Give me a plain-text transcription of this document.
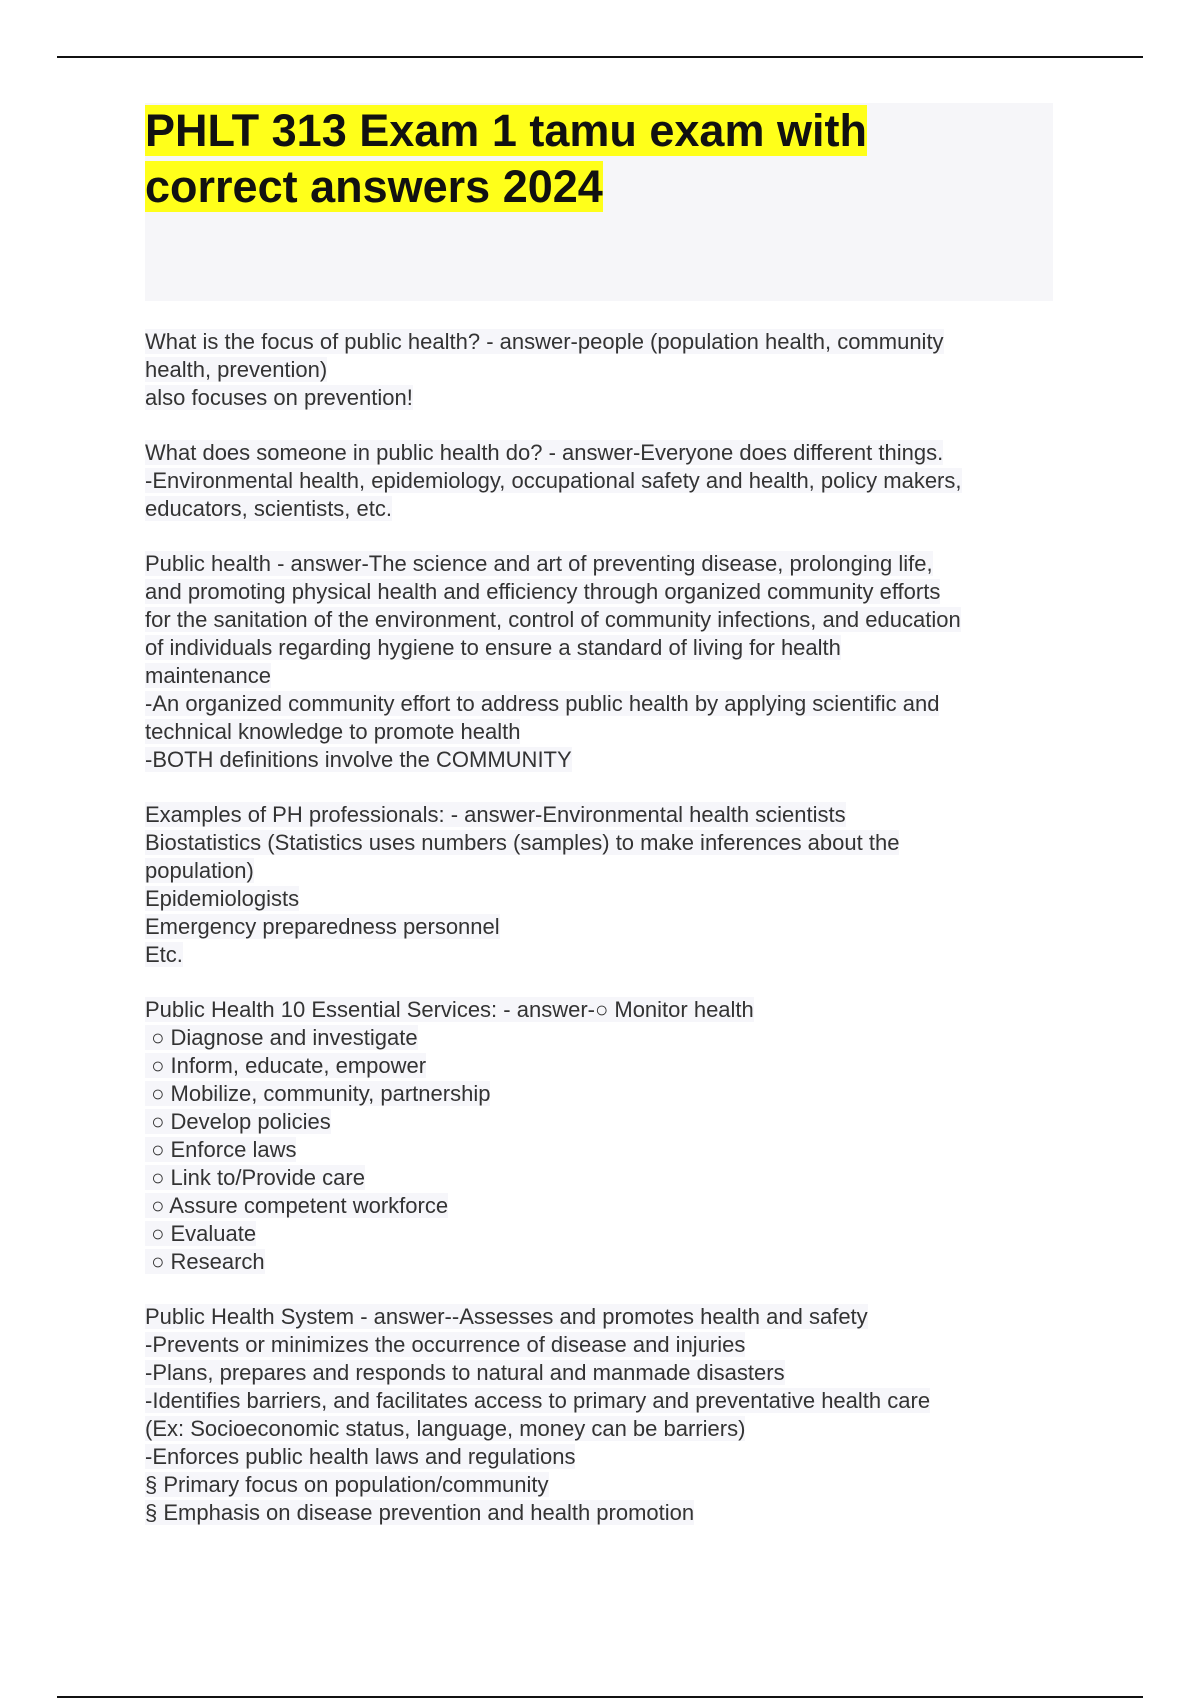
PHLT 313 Exam 1 tamu exam with
correct answers 2024
What is the focus of public health? - answer-people (population health, community
health, prevention)
also focuses on prevention!
What does someone in public health do? - answer-Everyone does different things.
-Environmental health, epidemiology, occupational safety and health, policy makers,
educators, scientists, etc.
Public health - answer-The science and art of preventing disease, prolonging life,
and promoting physical health and efficiency through organized community efforts
for the sanitation of the environment, control of community infections, and education
of individuals regarding hygiene to ensure a standard of living for health
maintenance
-An organized community effort to address public health by applying scientific and
technical knowledge to promote health
-BOTH definitions involve the COMMUNITY
Examples of PH professionals: - answer-Environmental health scientists
Biostatistics (Statistics uses numbers (samples) to make inferences about the
population)
Epidemiologists
Emergency preparedness personnel
Etc.
Public Health 10 Essential Services: - answer-○ Monitor health
○ Diagnose and investigate
○ Inform, educate, empower
○ Mobilize, community, partnership
○ Develop policies
○ Enforce laws
○ Link to/Provide care
○ Assure competent workforce
○ Evaluate
○ Research
Public Health System - answer--Assesses and promotes health and safety
-Prevents or minimizes the occurrence of disease and injuries
-Plans, prepares and responds to natural and manmade disasters
-Identifies barriers, and facilitates access to primary and preventative health care
(Ex: Socioeconomic status, language, money can be barriers)
-Enforces public health laws and regulations
§ Primary focus on population/community
§ Emphasis on disease prevention and health promotion
